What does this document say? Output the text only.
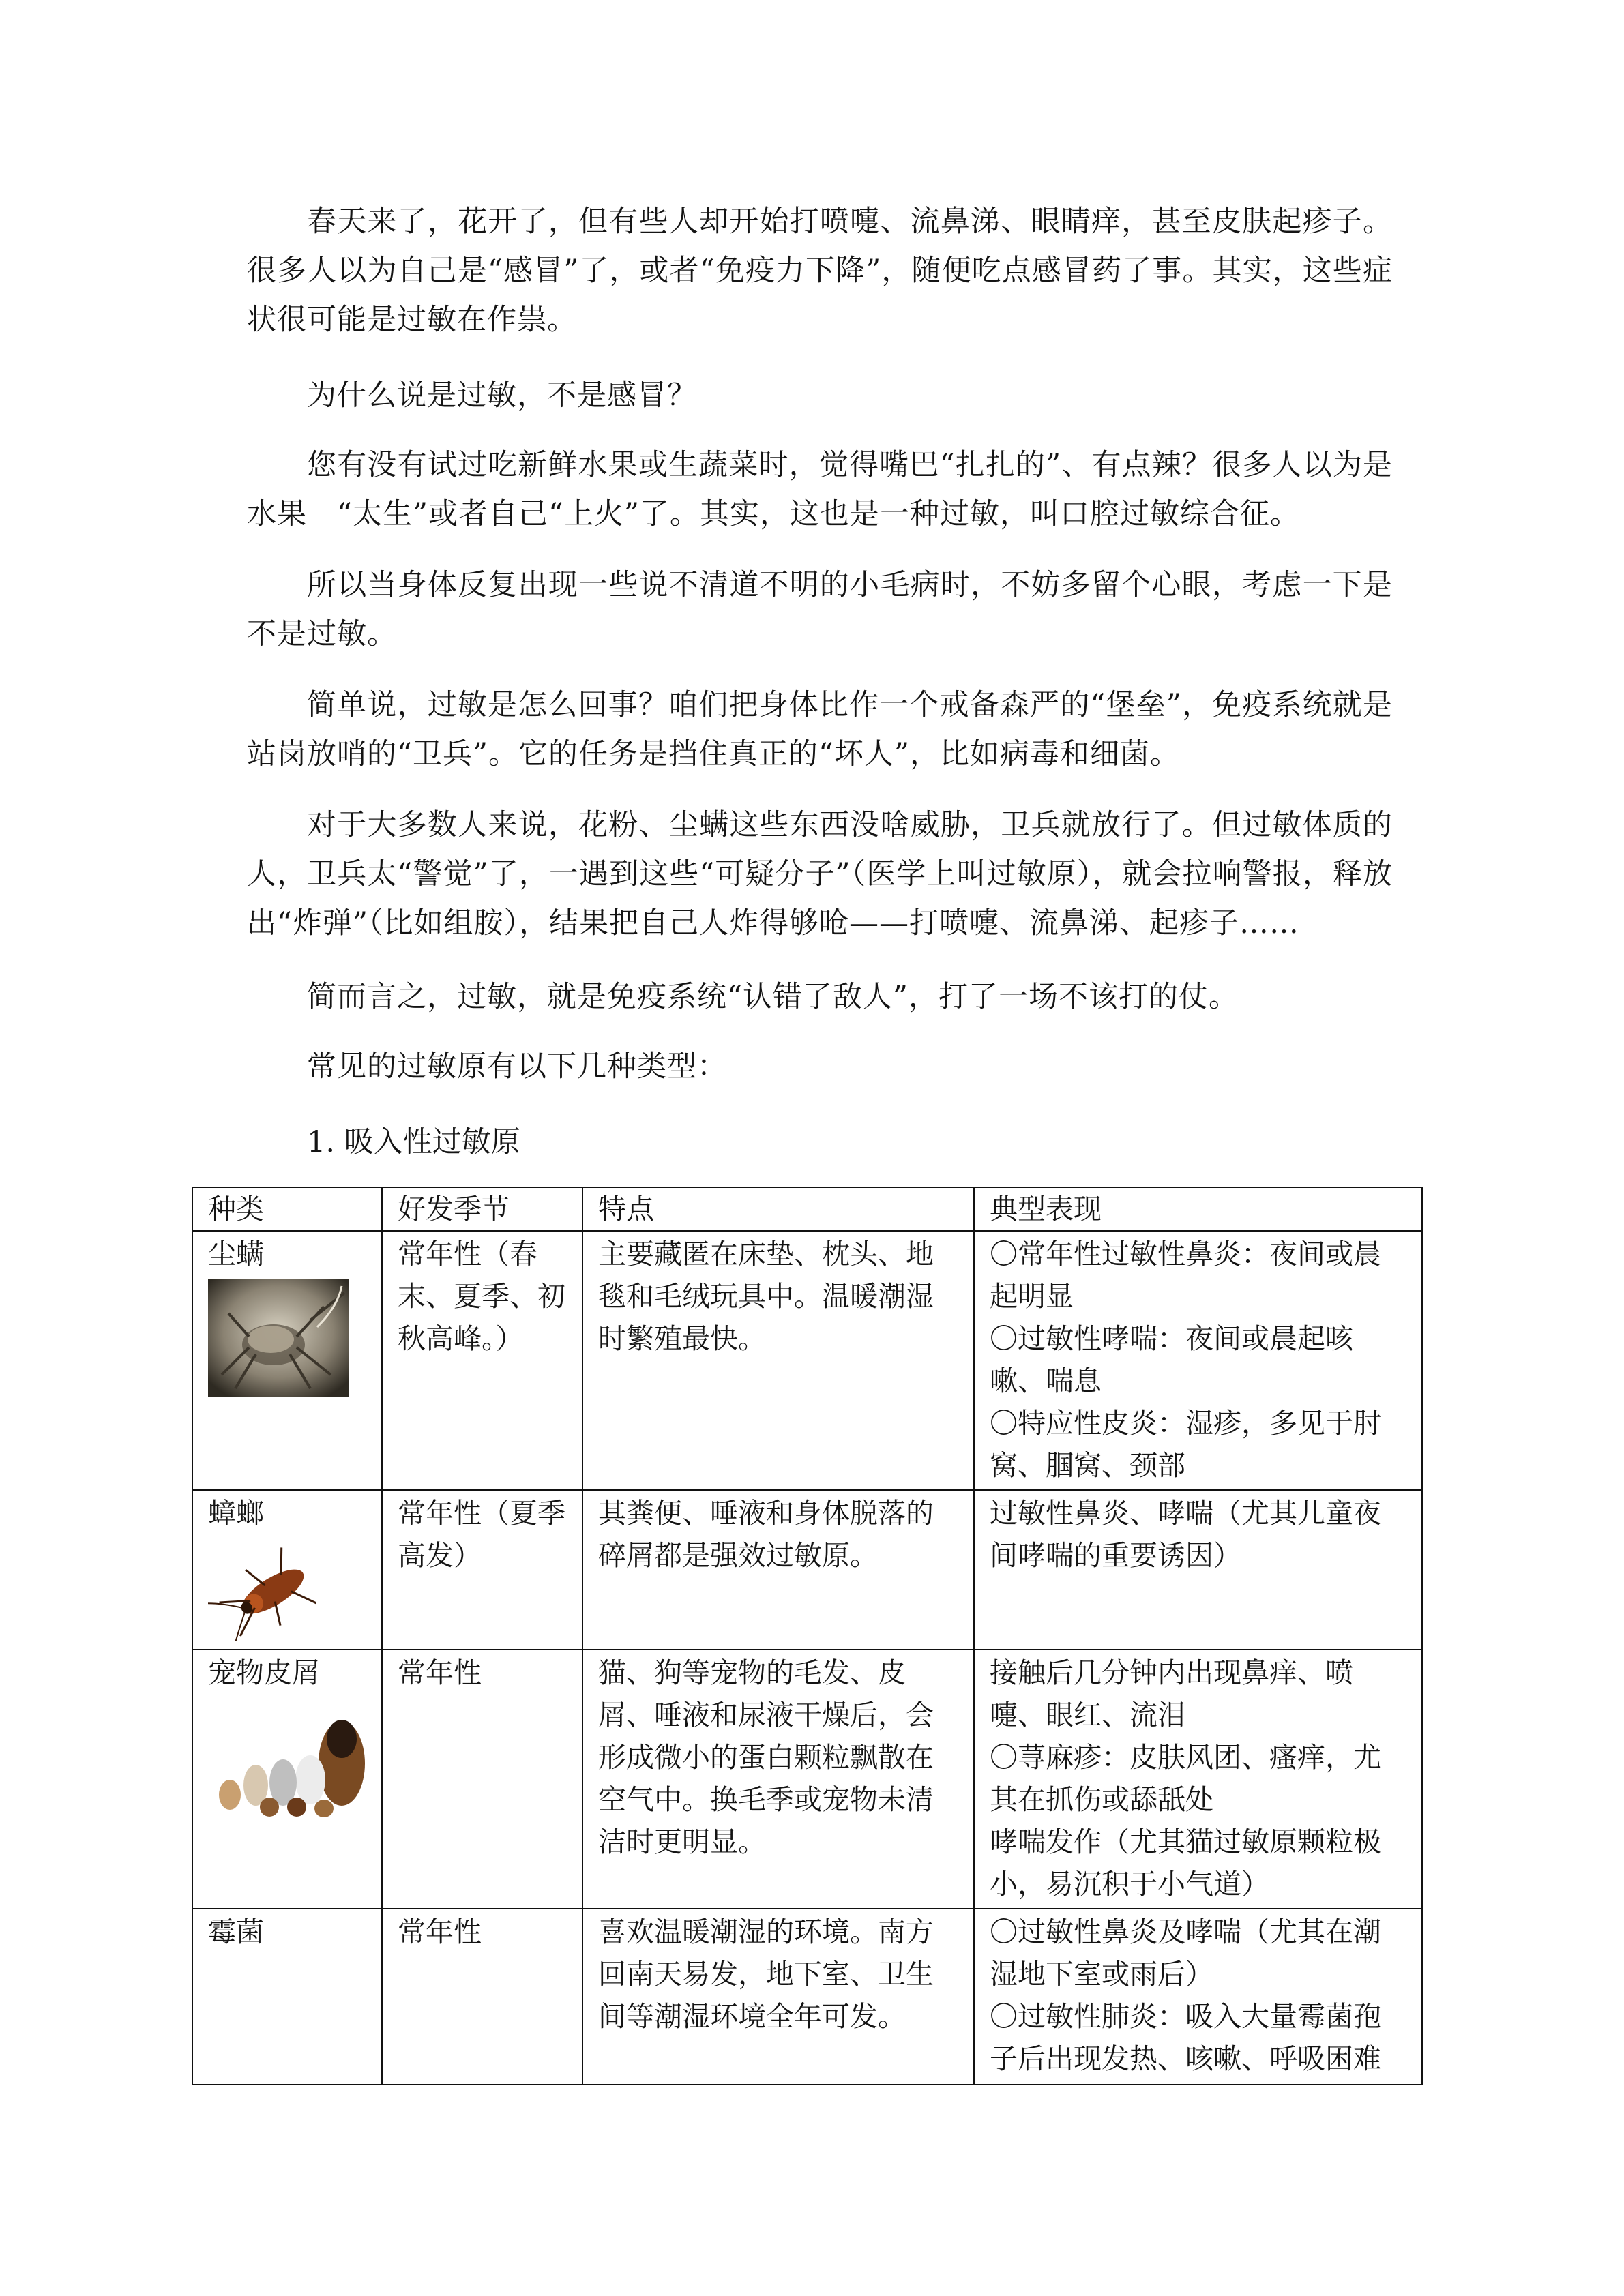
春天来了，花开了，但有些人却开始打喷嚏、流鼻涕、眼睛痒，甚至皮肤起疹子。很多人以为自己是“感冒”了，或者“免疫力下降”，随便吃点感冒药了事。其实，这些症状很可能是过敏在作祟。

为什么说是过敏，不是感冒？

您有没有试过吃新鲜水果或生蔬菜时，觉得嘴巴“扎扎的”、有点辣？很多人以为是水果　“太生”或者自己“上火”了。其实，这也是一种过敏，叫口腔过敏综合征。

所以当身体反复出现一些说不清道不明的小毛病时，不妨多留个心眼，考虑一下是不是过敏。

简单说，过敏是怎么回事？咱们把身体比作一个戒备森严的“堡垒”，免疫系统就是站岗放哨的“卫兵”。它的任务是挡住真正的“坏人”，比如病毒和细菌。

对于大多数人来说，花粉、尘螨这些东西没啥威胁，卫兵就放行了。但过敏体质的人，卫兵太“警觉”了，一遇到这些“可疑分子”（医学上叫过敏原），就会拉响警报，释放出“炸弹”（比如组胺），结果把自己人炸得够呛——打喷嚏、流鼻涕、起疹子……

简而言之，过敏，就是免疫系统“认错了敌人”，打了一场不该打的仗。

常见的过敏原有以下几种类型：

1. 吸入性过敏原

种类	好发季节	特点	典型表现

尘螨	常年性（春末、夏季、初秋高峰。）	主要藏匿在床垫、枕头、地毯和毛绒玩具中。温暖潮湿时繁殖最快。	〇常年性过敏性鼻炎：夜间或晨起明显
〇过敏性哮喘：夜间或晨起咳嗽、喘息
〇特应性皮炎：湿疹，多见于肘窝、腘窝、颈部

蟑螂	常年性（夏季高发）	其粪便、唾液和身体脱落的碎屑都是强效过敏原。	过敏性鼻炎、哮喘（尤其儿童夜间哮喘的重要诱因）

宠物皮屑	常年性	猫、狗等宠物的毛发、皮屑、唾液和尿液干燥后，会形成微小的蛋白颗粒飘散在空气中。换毛季或宠物未清洁时更明显。	接触后几分钟内出现鼻痒、喷嚏、眼红、流泪
〇荨麻疹：皮肤风团、瘙痒，尤其在抓伤或舔舐处
哮喘发作（尤其猫过敏原颗粒极小，易沉积于小气道）

霉菌	常年性	喜欢温暖潮湿的环境。南方回南天易发，地下室、卫生间等潮湿环境全年可发。	〇过敏性鼻炎及哮喘（尤其在潮湿地下室或雨后）
〇过敏性肺炎：吸入大量霉菌孢子后出现发热、咳嗽、呼吸困难
